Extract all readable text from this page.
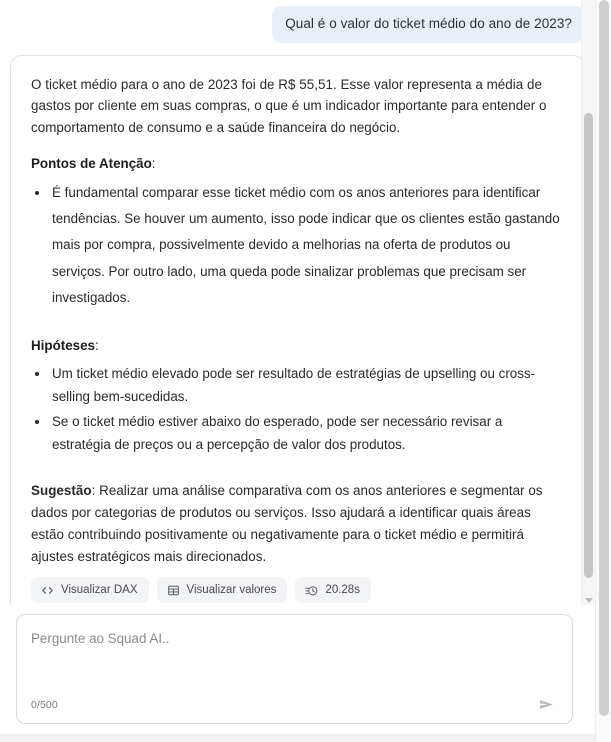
Qual é o valor do ticket médio do ano de 2023?

O ticket médio para o ano de 2023 foi de R$ 55,51. Esse valor representa a média de gastos por cliente em suas compras, o que é um indicador importante para entender o comportamento de consumo e a saúde financeira do negócio.

Pontos de Atenção:
• É fundamental comparar esse ticket médio com os anos anteriores para identificar tendências. Se houver um aumento, isso pode indicar que os clientes estão gastando mais por compra, possivelmente devido a melhorias na oferta de produtos ou serviços. Por outro lado, uma queda pode sinalizar problemas que precisam ser investigados.
Hipóteses:
• Um ticket médio elevado pode ser resultado de estratégias de upselling ou cross-selling bem-sucedidas.
• Se o ticket médio estiver abaixo do esperado, pode ser necessário revisar a estratégia de preços ou a percepção de valor dos produtos.

Sugestão: Realizar uma análise comparativa com os anos anteriores e segmentar os dados por categorias de produtos ou serviços. Isso ajudará a identificar quais áreas estão contribuindo positivamente ou negativamente para o ticket médio e permitirá ajustes estratégicos mais direcionados.

Visualizar DAX	Visualizar valores	20.28s
Pergunte ao Squad AI..
0/500
